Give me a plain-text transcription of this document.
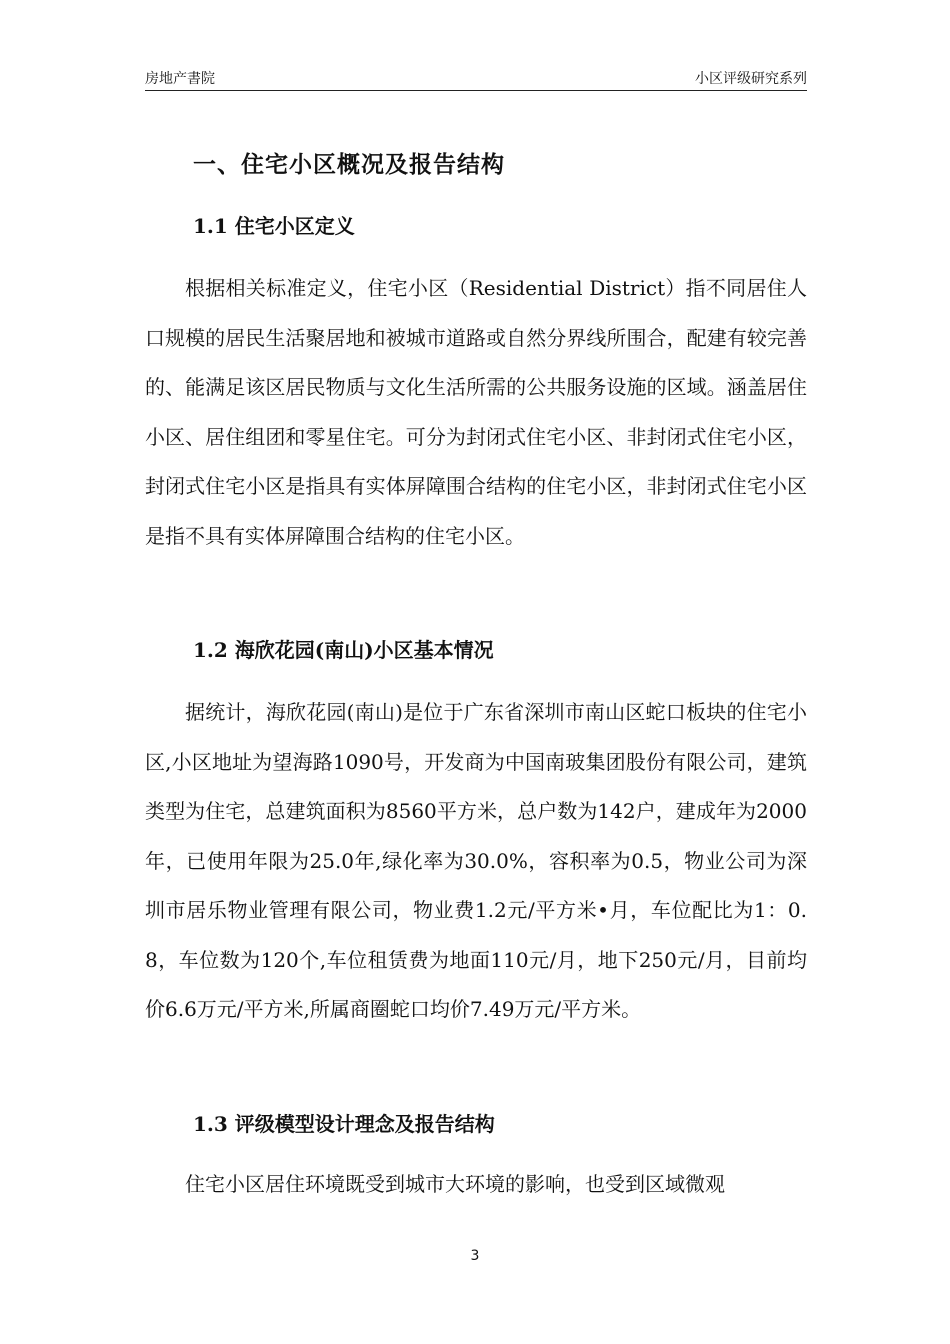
房地产書院	小区评级研究系列
一、住宅小区概况及报告结构
1.1 住宅小区定义

根据相关标准定义，住宅小区（Residential District）指不同居住人口规模的居民生活聚居地和被城市道路或自然分界线所围合，配建有较完善的、能满足该区居民物质与文化生活所需的公共服务设施的区域。涵盖居住小区、居住组团和零星住宅。可分为封闭式住宅小区、非封闭式住宅小区，封闭式住宅小区是指具有实体屏障围合结构的住宅小区，非封闭式住宅小区是指不具有实体屏障围合结构的住宅小区。

1.2 海欣花园(南山)小区基本情况

据统计，海欣花园(南山)是位于广东省深圳市南山区蛇口板块的住宅小区,小区地址为望海路1090号，开发商为中国南玻集团股份有限公司，建筑类型为住宅，总建筑面积为8560平方米，总户数为142户，建成年为2000年，已使用年限为25.0年,绿化率为30.0%，容积率为0.5，物业公司为深圳市居乐物业管理有限公司，物业费1.2元/平方米•月，车位配比为1：0.8，车位数为120个,车位租赁费为地面110元/月，地下250元/月，目前均价6.6万元/平方米,所属商圈蛇口均价7.49万元/平方米。

1.3 评级模型设计理念及报告结构

住宅小区居住环境既受到城市大环境的影响，也受到区域微观

3
